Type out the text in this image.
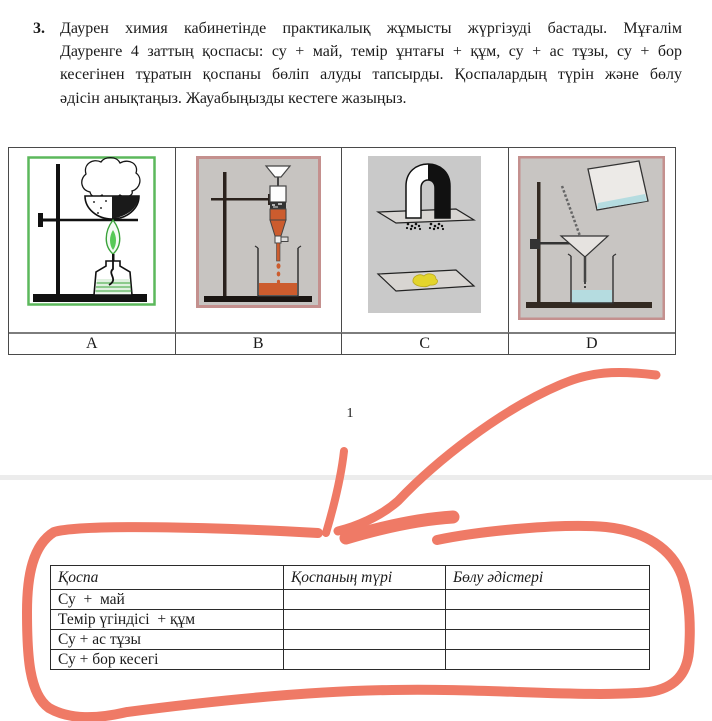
3. Даурен химия кабинетінде практикалық жұмысты жүргізуді бастады. Мұғалім
Дауренге 4 заттың қоспасы: су + май, темір ұнтағы + құм, су + ас тұзы, су + бор
кесегінен тұратын қоспаны бөліп алуды тапсырды. Қоспалардың түрін және бөлу
әдісін анықтаңыз. Жауабыңызды кестеге жазыңыз.
A	B	C	D
1
Қоспа	Қоспаның түрі	Бөлу әдістері
Су  +  май		
Темір үгіндісі  + құм		
Су + ас тұзы		
Су + бор кесегі		
